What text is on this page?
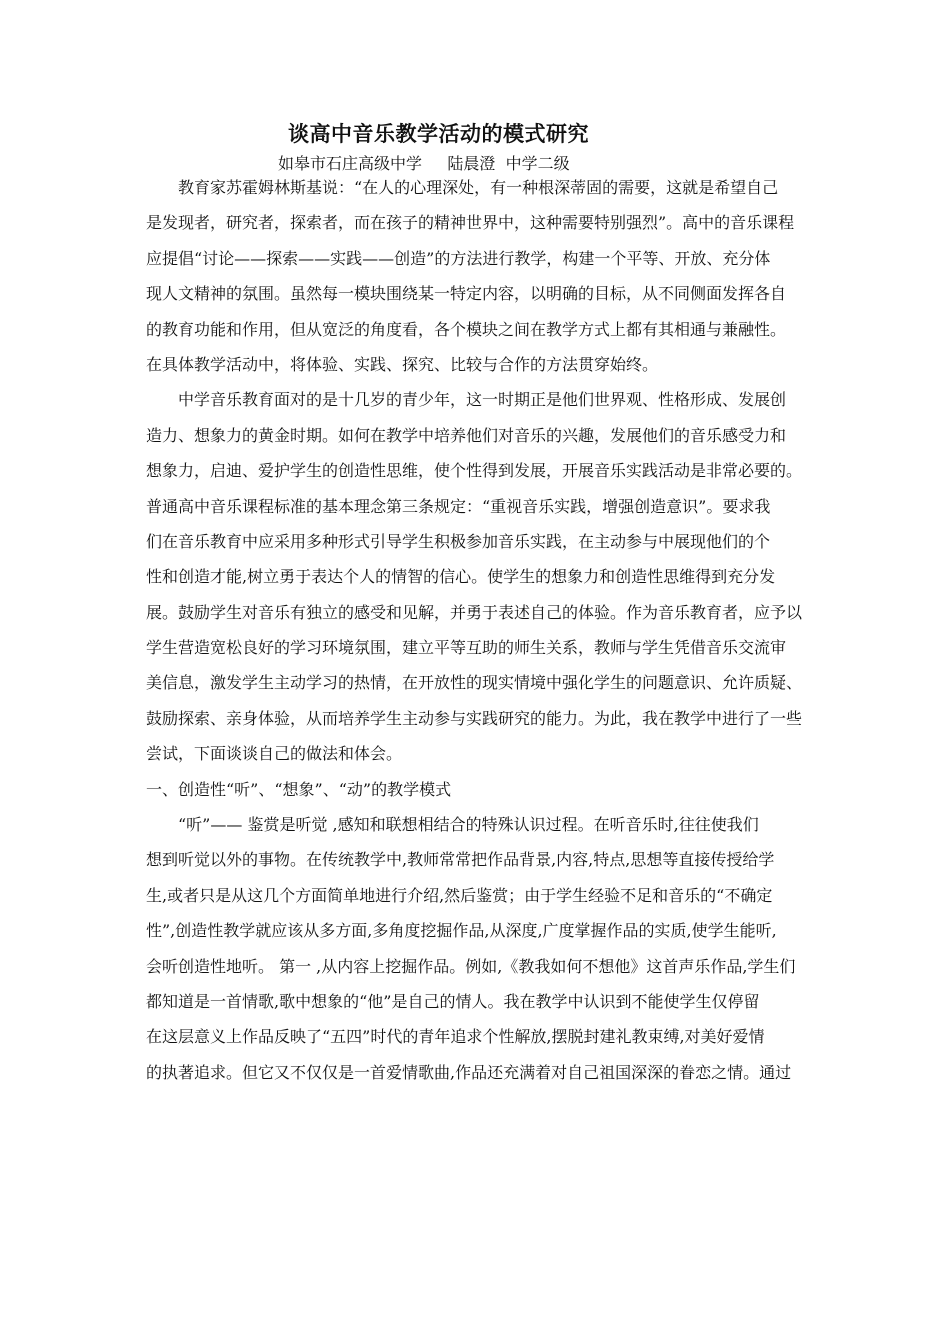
谈高中音乐教学活动的模式研究
如皋市石庄高级中学     陆晨澄  中学二级
教育家苏霍姆林斯基说：“在人的心理深处，有一种根深蒂固的需要，这就是希望自己
是发现者，研究者，探索者，而在孩子的精神世界中，这种需要特别强烈”。高中的音乐课程
应提倡“讨论——探索——实践——创造”的方法进行教学，构建一个平等、开放、充分体
现人文精神的氛围。虽然每一模块围绕某一特定内容，以明确的目标，从不同侧面发挥各自
的教育功能和作用，但从宽泛的角度看，各个模块之间在教学方式上都有其相通与兼融性。
在具体教学活动中，将体验、实践、探究、比较与合作的方法贯穿始终。
中学音乐教育面对的是十几岁的青少年，这一时期正是他们世界观、性格形成、发展创
造力、想象力的黄金时期。如何在教学中培养他们对音乐的兴趣，发展他们的音乐感受力和
想象力，启迪、爱护学生的创造性思维，使个性得到发展，开展音乐实践活动是非常必要的。
普通高中音乐课程标准的基本理念第三条规定：“重视音乐实践，增强创造意识”。要求我
们在音乐教育中应采用多种形式引导学生积极参加音乐实践，在主动参与中展现他们的个
性和创造才能,树立勇于表达个人的情智的信心。使学生的想象力和创造性思维得到充分发
展。鼓励学生对音乐有独立的感受和见解，并勇于表述自己的体验。作为音乐教育者，应予以
学生营造宽松良好的学习环境氛围，建立平等互助的师生关系，教师与学生凭借音乐交流审
美信息，激发学生主动学习的热情，在开放性的现实情境中强化学生的问题意识、允许质疑、
鼓励探索、亲身体验，从而培养学生主动参与实践研究的能力。为此，我在教学中进行了一些
尝试，下面谈谈自己的做法和体会。
一、创造性“听”、“想象”、“动”的教学模式
“听”—— 鉴赏是听觉 ,感知和联想相结合的特殊认识过程。在听音乐时,往往使我们
想到听觉以外的事物。在传统教学中,教师常常把作品背景,内容,特点,思想等直接传授给学
生,或者只是从这几个方面简单地进行介绍,然后鉴赏；由于学生经验不足和音乐的“不确定
性”,创造性教学就应该从多方面,多角度挖掘作品,从深度,广度掌握作品的实质,使学生能听,
会听创造性地听。 第一 ,从内容上挖掘作品。例如,《教我如何不想他》这首声乐作品,学生们
都知道是一首情歌,歌中想象的“他”是自己的情人。我在教学中认识到不能使学生仅停留
在这层意义上作品反映了“五四”时代的青年追求个性解放,摆脱封建礼教束缚,对美好爱情
的执著追求。但它又不仅仅是一首爱情歌曲,作品还充满着对自己祖国深深的眷恋之情。通过
